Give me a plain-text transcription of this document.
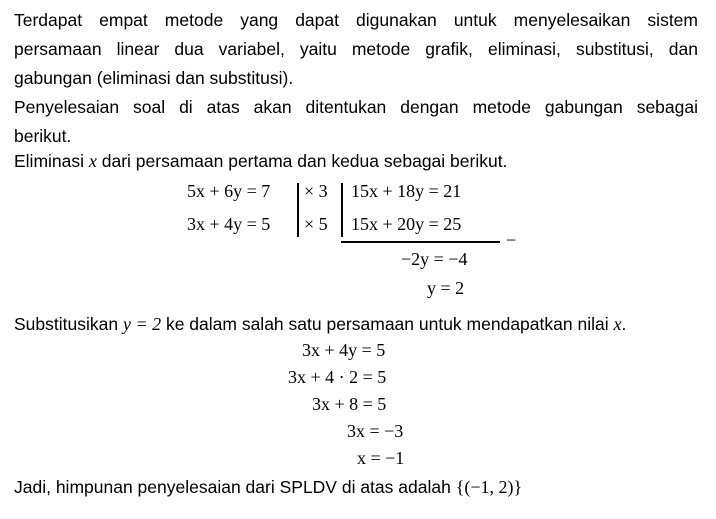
Terdapat empat metode yang dapat digunakan untuk menyelesaikan sistem

persamaan linear dua variabel, yaitu metode grafik, eliminasi, substitusi, dan

gabungan (eliminasi dan substitusi).

Penyelesaian soal di atas akan ditentukan dengan metode gabungan sebagai

berikut.

Eliminasi x dari persamaan pertama dan kedua sebagai berikut.
5x + 6y = 7
3x + 4y = 5
× 3
× 5
15x + 18y = 21
15x + 20y = 25
−
−2y = −4
y = 2
Substitusikan y = 2 ke dalam salah satu persamaan untuk mendapatkan nilai x.
3x + 4y = 5
3x + 4 · 2 = 5
3x + 8 = 5
3x = −3
x = −1
Jadi, himpunan penyelesaian dari SPLDV di atas adalah {(−1, 2)}
